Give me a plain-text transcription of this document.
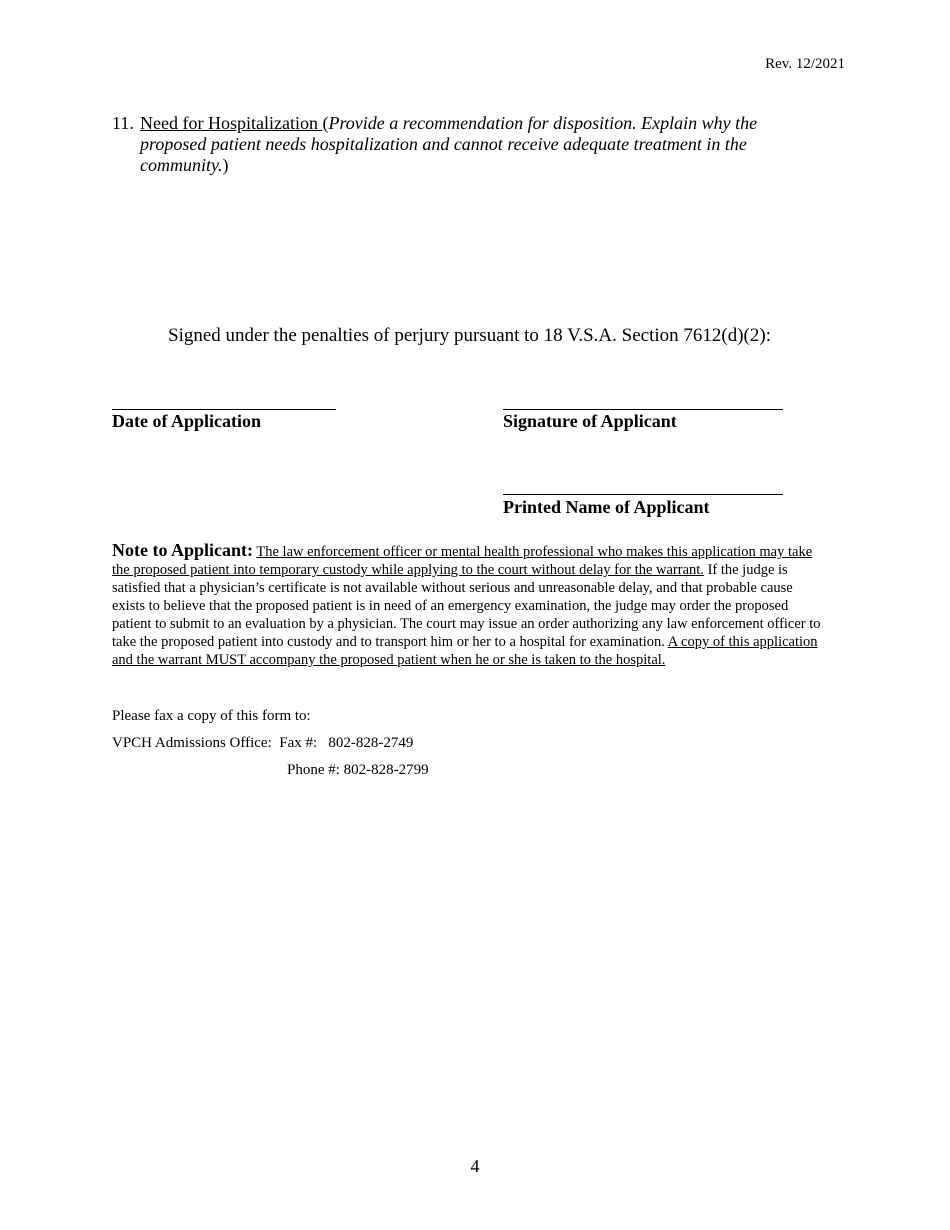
Rev. 12/2021
11. Need for Hospitalization (Provide a recommendation for disposition. Explain why the proposed patient needs hospitalization and cannot receive adequate treatment in the community.)
Signed under the penalties of perjury pursuant to 18 V.S.A. Section 7612(d)(2):
Date of Application	Signature of Applicant
Printed Name of Applicant
Note to Applicant: The law enforcement officer or mental health professional who makes this application may take the proposed patient into temporary custody while applying to the court without delay for the warrant. If the judge is satisfied that a physician’s certificate is not available without serious and unreasonable delay, and that probable cause exists to believe that the proposed patient is in need of an emergency examination, the judge may order the proposed patient to submit to an evaluation by a physician. The court may issue an order authorizing any law enforcement officer to take the proposed patient into custody and to transport him or her to a hospital for examination. A copy of this application and the warrant MUST accompany the proposed patient when he or she is taken to the hospital.
Please fax a copy of this form to:
VPCH Admissions Office:  Fax #:   802-828-2749
Phone #: 802-828-2799
4
